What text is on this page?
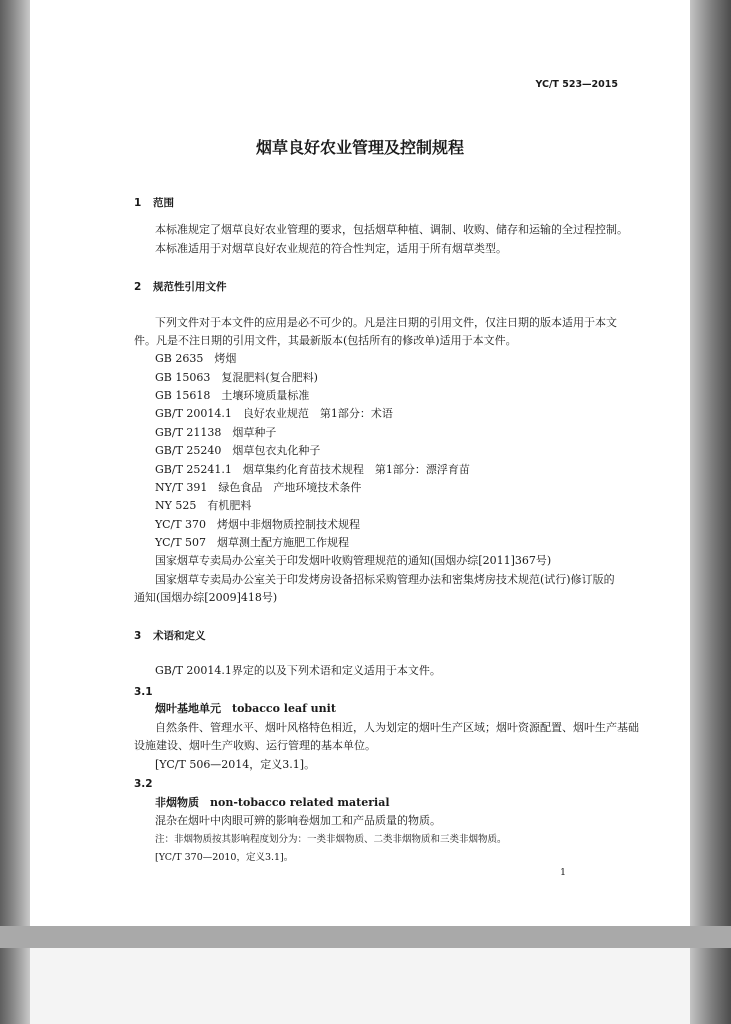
YC/T 523—2015
烟草良好农业管理及控制规程
1 范围
本标准规定了烟草良好农业管理的要求，包括烟草种植、调制、收购、储存和运输的全过程控制。
本标准适用于对烟草良好农业规范的符合性判定，适用于所有烟草类型。
2 规范性引用文件
下列文件对于本文件的应用是必不可少的。凡是注日期的引用文件，仅注日期的版本适用于本文
件。凡是不注日期的引用文件，其最新版本(包括所有的修改单)适用于本文件。
GB 2635　烤烟
GB 15063　复混肥料(复合肥料)
GB 15618　土壤环境质量标准
GB/T 20014.1　良好农业规范　第1部分：术语
GB/T 21138　烟草种子
GB/T 25240　烟草包衣丸化种子
GB/T 25241.1　烟草集约化育苗技术规程　第1部分：漂浮育苗
NY/T 391　绿色食品　产地环境技术条件
NY 525　有机肥料
YC/T 370　烤烟中非烟物质控制技术规程
YC/T 507　烟草测土配方施肥工作规程
国家烟草专卖局办公室关于印发烟叶收购管理规范的通知(国烟办综[2011]367号)
国家烟草专卖局办公室关于印发烤房设备招标采购管理办法和密集烤房技术规范(试行)修订版的
通知(国烟办综[2009]418号)
3 术语和定义
GB/T 20014.1界定的以及下列术语和定义适用于本文件。
3.1
烟叶基地单元　tobacco leaf unit
自然条件、管理水平、烟叶风格特色相近，人为划定的烟叶生产区域；烟叶资源配置、烟叶生产基础
设施建设、烟叶生产收购、运行管理的基本单位。
[YC/T 506—2014，定义3.1]。
3.2
非烟物质　non-tobacco related material
混杂在烟叶中肉眼可辨的影响卷烟加工和产品质量的物质。
注：非烟物质按其影响程度划分为：一类非烟物质、二类非烟物质和三类非烟物质。
[YC/T 370—2010，定义3.1]。
1
